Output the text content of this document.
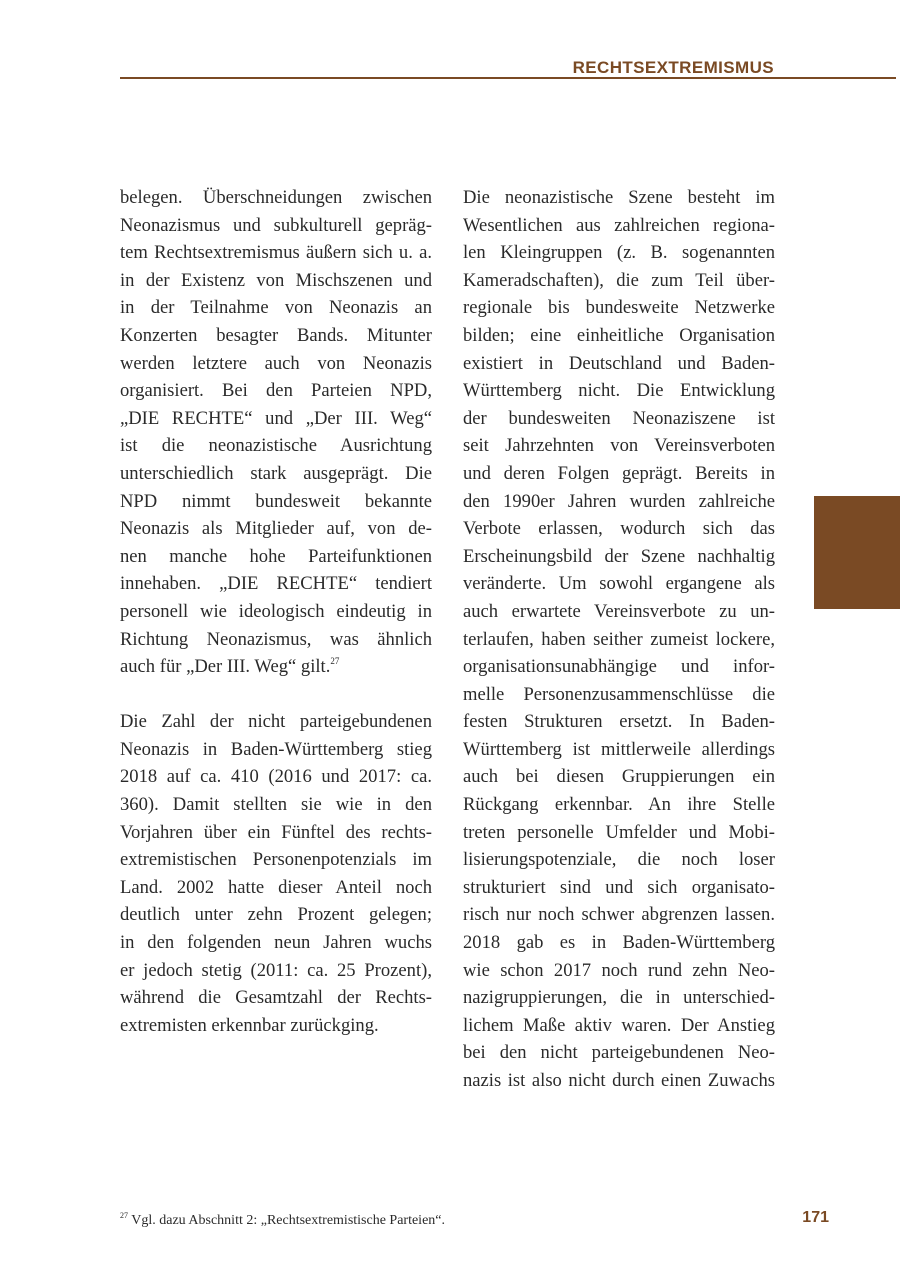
RECHTSEXTREMISMUS
belegen. Überschneidungen zwischen
Neonazismus und subkulturell gepräg-
tem Rechtsextremismus äußern sich u. a.
in der Existenz von Mischszenen und
in der Teilnahme von Neonazis an
Konzerten besagter Bands. Mitunter
werden letztere auch von Neonazis
organisiert. Bei den Parteien NPD,
„DIE RECHTE“ und „Der III. Weg“
ist die neonazistische Ausrichtung
unterschiedlich stark ausgeprägt. Die
NPD nimmt bundesweit bekannte
Neonazis als Mitglieder auf, von de-
nen manche hohe Parteifunktionen
innehaben. „DIE RECHTE“ tendiert
personell wie ideologisch eindeutig in
Richtung Neonazismus, was ähnlich
auch für „Der III. Weg“ gilt.$^{27}$
Die Zahl der nicht parteigebundenen
Neonazis in Baden-Württemberg stieg
2018 auf ca. 410 (2016 und 2017: ca.
360). Damit stellten sie wie in den
Vorjahren über ein Fünftel des rechts-
extremistischen Personenpotenzials im
Land. 2002 hatte dieser Anteil noch
deutlich unter zehn Prozent gelegen;
in den folgenden neun Jahren wuchs
er jedoch stetig (2011: ca. 25 Prozent),
während die Gesamtzahl der Rechts-
extremisten erkennbar zurückging.
Die neonazistische Szene besteht im
Wesentlichen aus zahlreichen regiona-
len Kleingruppen (z. B. sogenannten
Kameradschaften), die zum Teil über-
regionale bis bundesweite Netzwerke
bilden; eine einheitliche Organisation
existiert in Deutschland und Baden-
Württemberg nicht. Die Entwicklung
der bundesweiten Neonaziszene ist
seit Jahrzehnten von Vereinsverboten
und deren Folgen geprägt. Bereits in
den 1990er Jahren wurden zahlreiche
Verbote erlassen, wodurch sich das
Erscheinungsbild der Szene nachhaltig
veränderte. Um sowohl ergangene als
auch erwartete Vereinsverbote zu un-
terlaufen, haben seither zumeist lockere,
organisationsunabhängige und infor-
melle Personenzusammenschlüsse die
festen Strukturen ersetzt. In Baden-
Württemberg ist mittlerweile allerdings
auch bei diesen Gruppierungen ein
Rückgang erkennbar. An ihre Stelle
treten personelle Umfelder und Mobi-
lisierungspotenziale, die noch loser
strukturiert sind und sich organisato-
risch nur noch schwer abgrenzen lassen.
2018 gab es in Baden-Württemberg
wie schon 2017 noch rund zehn Neo-
nazigruppierungen, die in unterschied-
lichem Maße aktiv waren. Der Anstieg
bei den nicht parteigebundenen Neo-
nazis ist also nicht durch einen Zuwachs
$^{27}$ Vgl. dazu Abschnitt 2: „Rechtsextremistische Parteien“.	171
